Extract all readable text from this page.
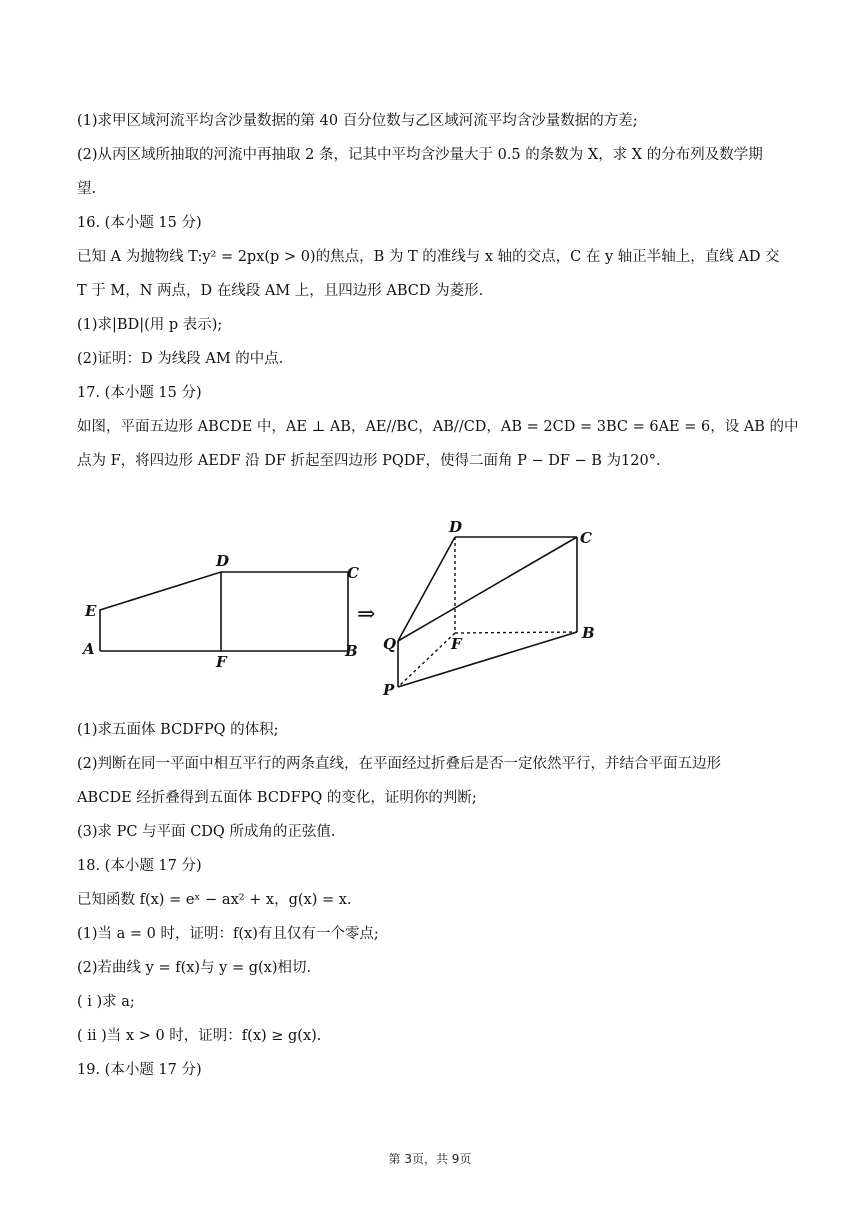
(1)求甲区域河流平均含沙量数据的第 40 百分位数与乙区域河流平均含沙量数据的方差;
(2)从丙区域所抽取的河流中再抽取 2 条，记其中平均含沙量大于 0.5 的条数为 X，求 X 的分布列及数学期
望.
16. (本小题 15 分)
已知 A 为抛物线 T:y² = 2px(p > 0)的焦点，B 为 T 的准线与 x 轴的交点，C 在 y 轴正半轴上，直线 AD 交
T 于 M，N 两点，D 在线段 AM 上，且四边形 ABCD 为菱形.
(1)求|BD|(用 p 表示);
(2)证明：D 为线段 AM 的中点.
17. (本小题 15 分)
如图，平面五边形 ABCDE 中，AE ⊥ AB，AE//BC，AB//CD，AB = 2CD = 3BC = 6AE = 6，设 AB 的中
点为 F，将四边形 AEDF 沿 DF 折起至四边形 PQDF，使得二面角 P − DF − B 为120°.
E
A
D
F
C
B
⇒
D
C
Q	F
B
P
(1)求五面体 BCDFPQ 的体积;
(2)判断在同一平面中相互平行的两条直线，在平面经过折叠后是否一定依然平行，并结合平面五边形
ABCDE 经折叠得到五面体 BCDFPQ 的变化，证明你的判断;
(3)求 PC 与平面 CDQ 所成角的正弦值.
18. (本小题 17 分)
已知函数 f(x) = eˣ − ax² + x，g(x) = x.
(1)当 a = 0 时，证明：f(x)有且仅有一个零点;
(2)若曲线 y = f(x)与 y = g(x)相切.
( i )求 a;
( ii )当 x > 0 时，证明：f(x) ≥ g(x).
19. (本小题 17 分)
第 3页，共 9页
